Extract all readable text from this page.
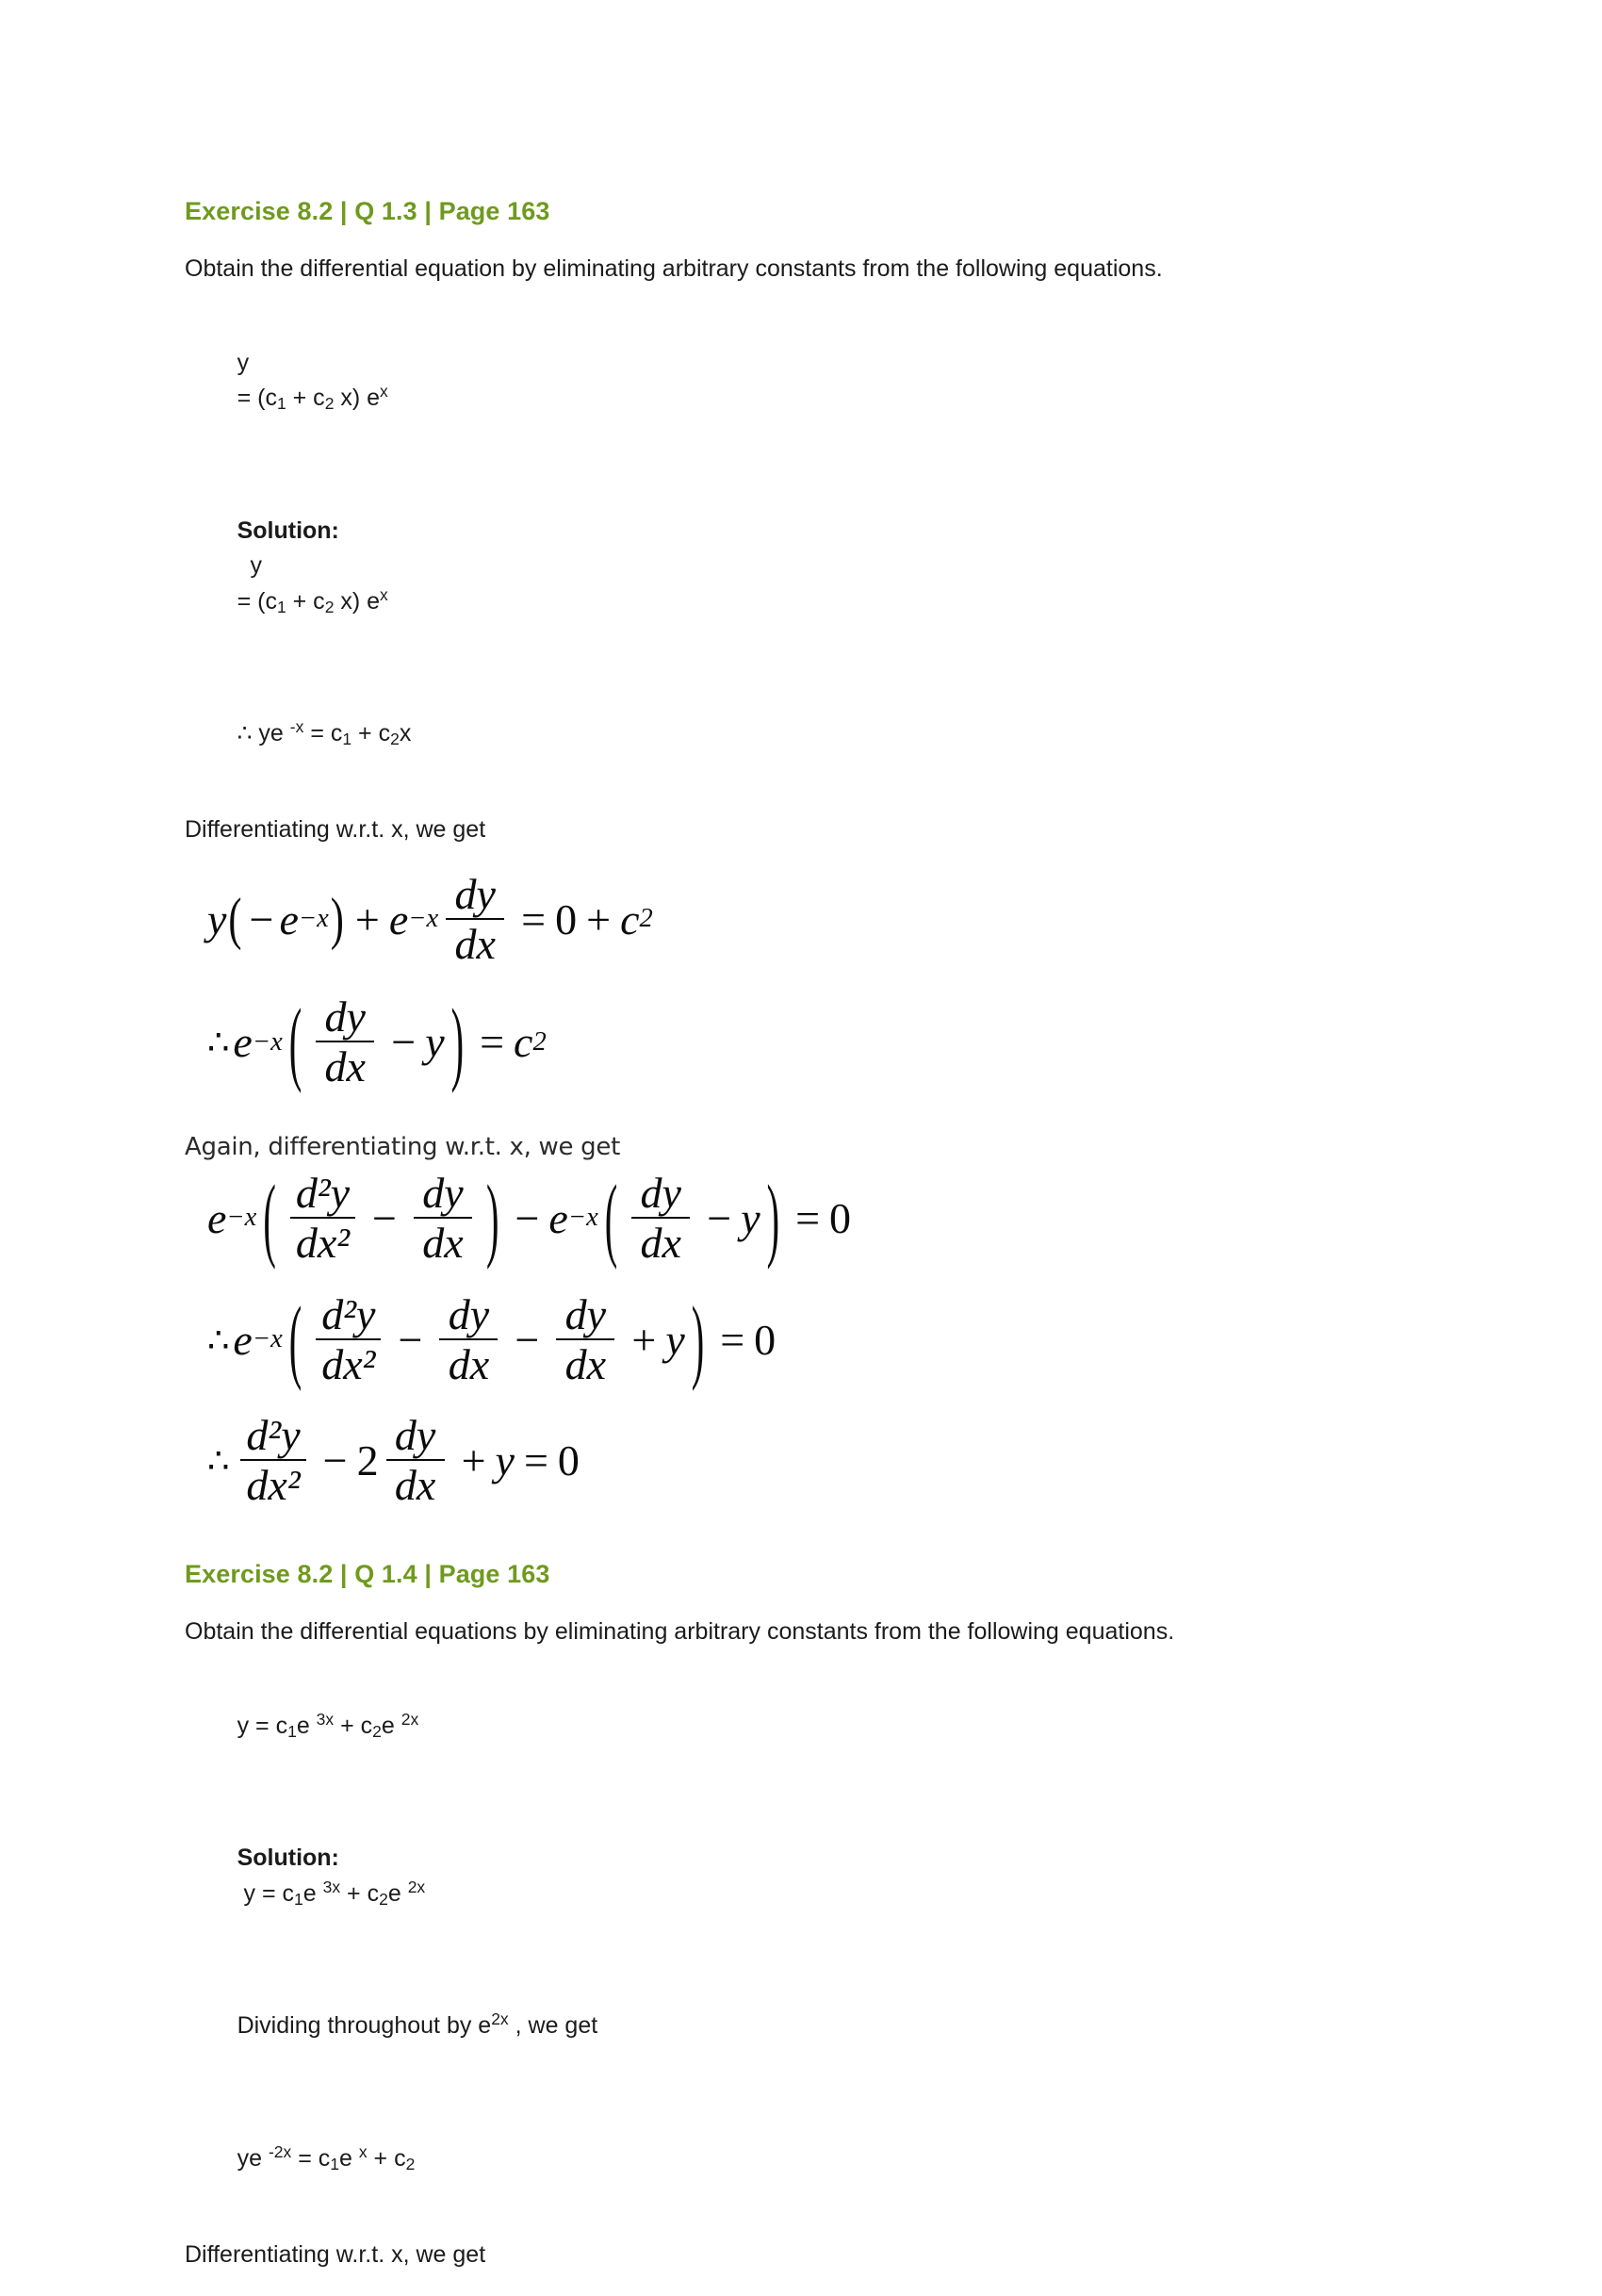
Exercise 8.2 | Q 1.3 | Page 163

Obtain the differential equation by eliminating arbitrary constants from the following equations.

y
= ($c_1 + c_2$ x) $e^x$

Solution:
y
= ($c_1 + c_2$ x) $e^x$

∴ ye $^{-x} = c_1 + c_2x$

Differentiating w.r.t. x, we get

y ( − e −x ) + $e -x \frac{dy}{dx} = 0 + c$ 2
∴ e −x ( $\frac{dy}{dx} - y$ ) = c 2
Again, differentiating w.r.t. x, we get
e −x ( $\frac{\text{d²y}}{\text{dx²}} - \frac{dy}{dx}$ ) − e −x ( $\frac{dy}{dx} - y$ ) = 0
∴ e −x ( $\frac{\text{d²y}}{\text{dx²}} - \frac{dy}{dx} - \frac{dy}{dx} + y$ ) = 0
∴ $\frac{\text{d²y}}{\text{dx²}} - 2 \frac{dy}{dx} + y = 0$
Exercise 8.2 | Q 1.4 | Page 163

Obtain the differential equations by eliminating arbitrary constants from the following equations.

$y = c_1e$ $^{3x} + c_2e$ $^{2x}$

Solution:
$y = c_1e$ $^{3x} + c_2e$ $^{2x}$

Dividing throughout by $e^{2x}$ , we get

ye $^{-2x} = c_1e$ $^x + c_2$

Differentiating w.r.t. x, we get
